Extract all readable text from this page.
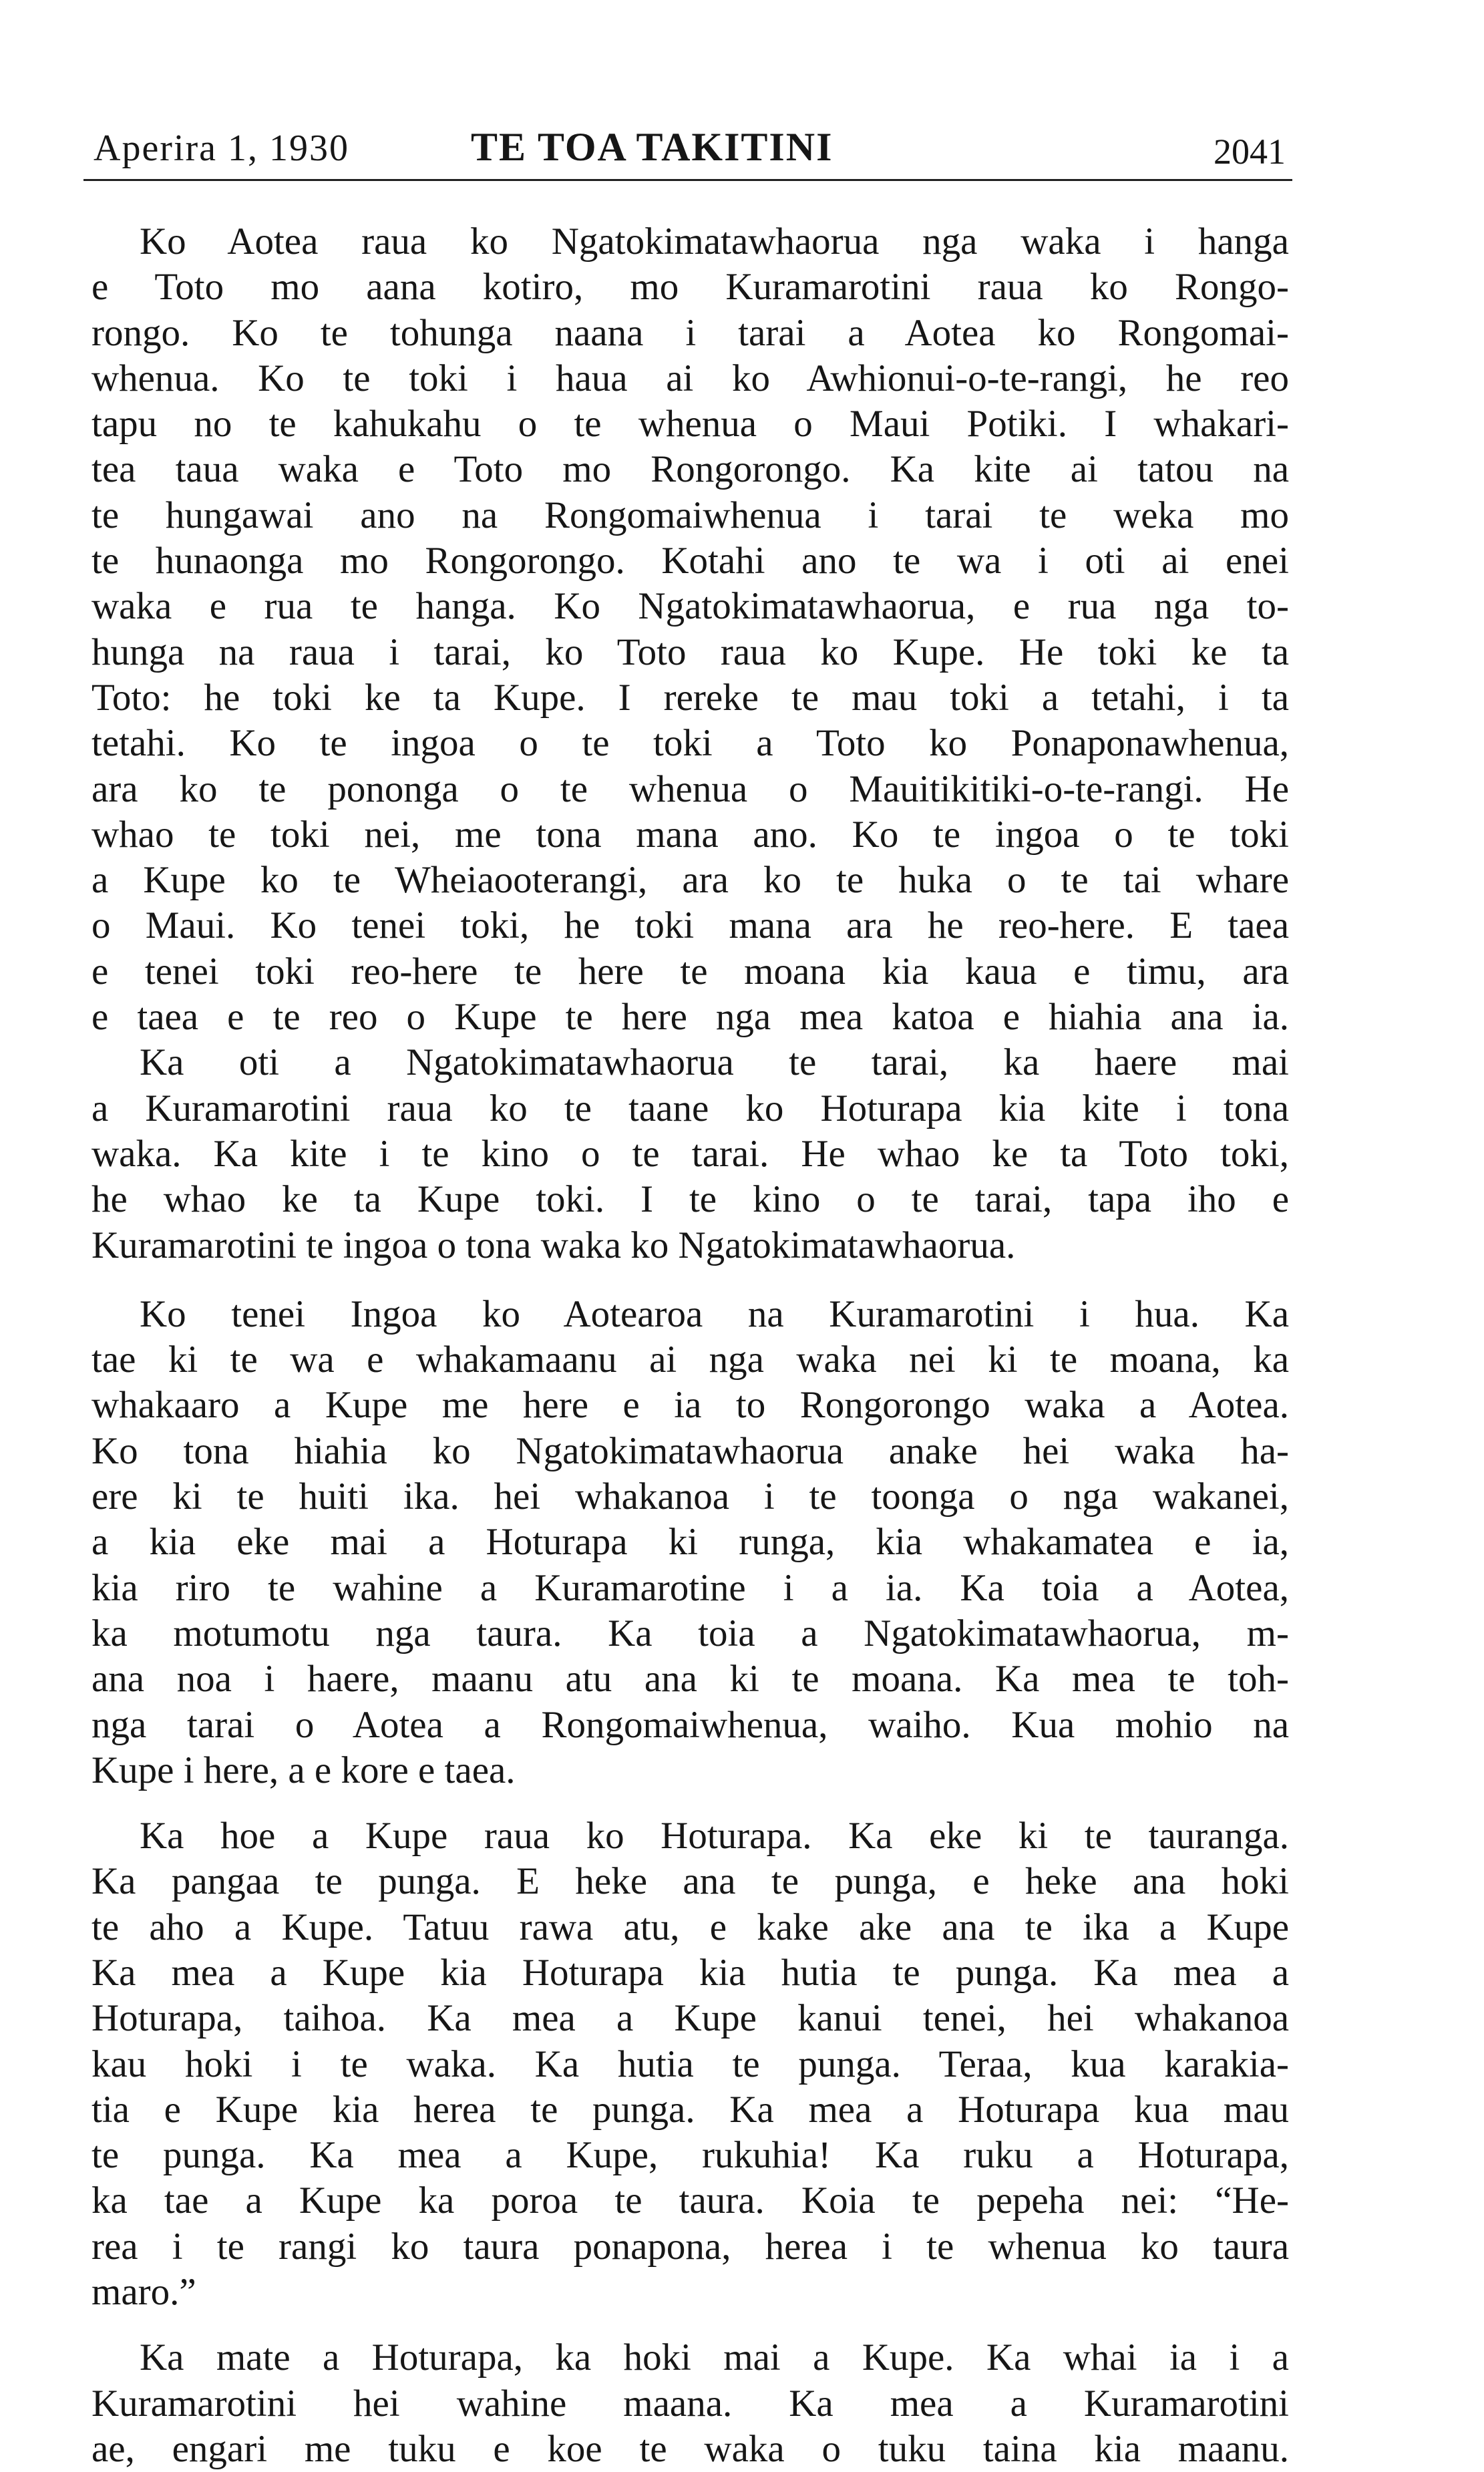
Aperira 1, 1930	TE TOA TAKITINI	2041
Ko Aotea raua ko Ngatokimatawhaorua nga waka i hanga
e Toto mo aana kotiro, mo Kuramarotini raua ko Rongo-
rongo. Ko te tohunga naana i tarai a Aotea ko Rongomai-
whenua. Ko te toki i haua ai ko Awhionui-o-te-rangi, he reo
tapu no te kahukahu o te whenua o Maui Potiki. I whakari-
tea taua waka e Toto mo Rongorongo. Ka kite ai tatou na
te hungawai ano na Rongomaiwhenua i tarai te weka mo
te hunaonga mo Rongorongo. Kotahi ano te wa i oti ai enei
waka e rua te hanga. Ko Ngatokimatawhaorua, e rua nga to-
hunga na raua i tarai, ko Toto raua ko Kupe. He toki ke ta
Toto: he toki ke ta Kupe. I rereke te mau toki a tetahi, i ta
tetahi. Ko te ingoa o te toki a Toto ko Ponaponawhenua,
ara ko te pononga o te whenua o Mauitikitiki-o-te-rangi. He
whao te toki nei, me tona mana ano. Ko te ingoa o te toki
a Kupe ko te Wheiaooterangi, ara ko te huka o te tai whare
o Maui. Ko tenei toki, he toki mana ara he reo-here. E taea
e tenei toki reo-here te here te moana kia kaua e timu, ara
e taea e te reo o Kupe te here nga mea katoa e hiahia ana ia.
Ka oti a Ngatokimatawhaorua te tarai, ka haere mai
a Kuramarotini raua ko te taane ko Hoturapa kia kite i tona
waka. Ka kite i te kino o te tarai. He whao ke ta Toto toki,
he whao ke ta Kupe toki. I te kino o te tarai, tapa iho e
Kuramarotini te ingoa o tona waka ko Ngatokimatawhaorua.
Ko tenei Ingoa ko Aotearoa na Kuramarotini i hua. Ka
tae ki te wa e whakamaanu ai nga waka nei ki te moana, ka
whakaaro a Kupe me here e ia to Rongorongo waka a Aotea.
Ko tona hiahia ko Ngatokimatawhaorua anake hei waka ha-
ere ki te huiti ika. hei whakanoa i te toonga o nga wakanei,
a kia eke mai a Hoturapa ki runga, kia whakamatea e ia,
kia riro te wahine a Kuramarotine i a ia. Ka toia a Aotea,
ka motumotu nga taura. Ka toia a Ngatokimatawhaorua, m-
ana noa i haere, maanu atu ana ki te moana. Ka mea te toh-
nga tarai o Aotea a Rongomaiwhenua, waiho. Kua mohio na
Kupe i here, a e kore e taea.
Ka hoe a Kupe raua ko Hoturapa. Ka eke ki te tauranga.
Ka pangaa te punga. E heke ana te punga, e heke ana hoki
te aho a Kupe. Tatuu rawa atu, e kake ake ana te ika a Kupe
Ka mea a Kupe kia Hoturapa kia hutia te punga. Ka mea a
Hoturapa, taihoa. Ka mea a Kupe kanui tenei, hei whakanoa
kau hoki i te waka. Ka hutia te punga. Teraa, kua karakia-
tia e Kupe kia herea te punga. Ka mea a Hoturapa kua mau
te punga. Ka mea a Kupe, rukuhia! Ka ruku a Hoturapa,
ka tae a Kupe ka poroa te taura. Koia te pepeha nei: “He-
rea i te rangi ko taura ponapona, herea i te whenua ko taura
maro.”
Ka mate a Hoturapa, ka hoki mai a Kupe. Ka whai ia i a
Kuramarotini hei wahine maana. Ka mea a Kuramarotini
ae, engari me tuku e koe te waka o tuku taina kia maanu.
